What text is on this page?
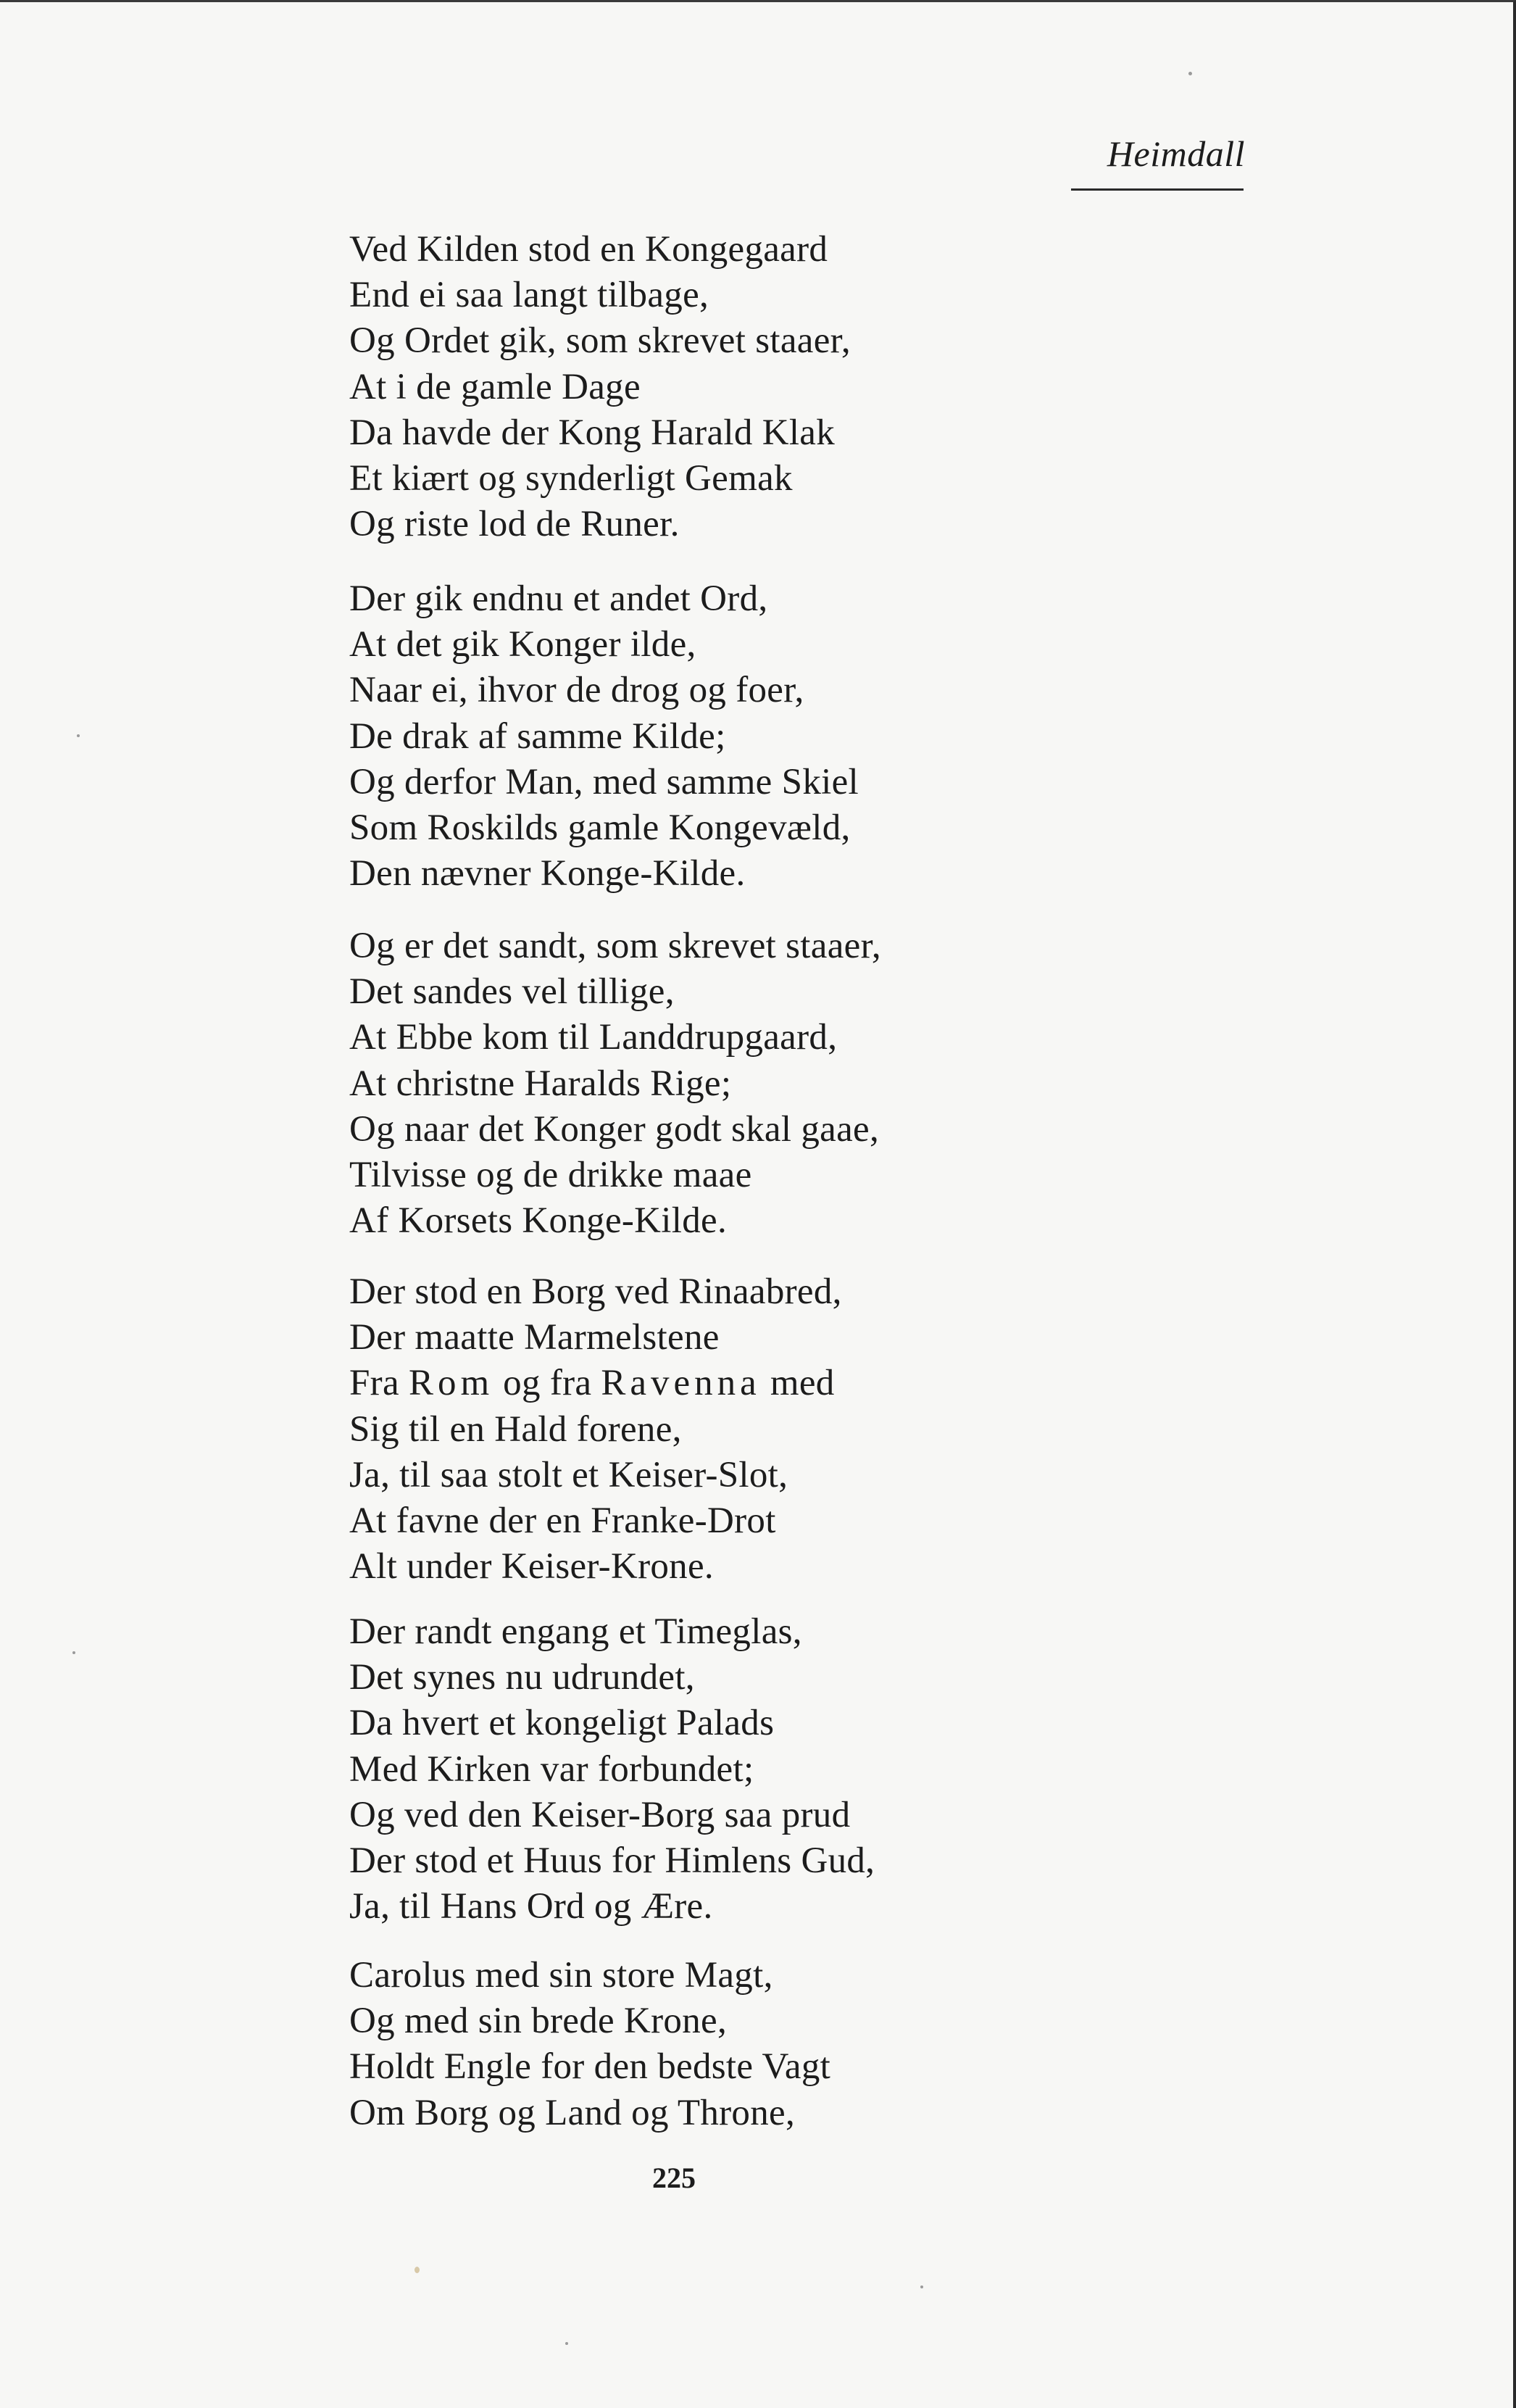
Heimdall
Ved Kilden stod en Kongegaard
End ei saa langt tilbage,
Og Ordet gik, som skrevet staaer,
At i de gamle Dage
Da havde der Kong Harald Klak
Et kiært og synderligt Gemak
Og riste lod de Runer.
Der gik endnu et andet Ord,
At det gik Konger ilde,
Naar ei, ihvor de drog og foer,
De drak af samme Kilde;
Og derfor Man, med samme Skiel
Som Roskilds gamle Kongevæld,
Den nævner Konge-Kilde.
Og er det sandt, som skrevet staaer,
Det sandes vel tillige,
At Ebbe kom til Landdrupgaard,
At christne Haralds Rige;
Og naar det Konger godt skal gaae,
Tilvisse og de drikke maae
Af Korsets Konge-Kilde.
Der stod en Borg ved Rinaabred,
Der maatte Marmelstene
Fra Rom og fra Ravenna med
Sig til en Hald forene,
Ja, til saa stolt et Keiser-Slot,
At favne der en Franke-Drot
Alt under Keiser-Krone.
Der randt engang et Timeglas,
Det synes nu udrundet,
Da hvert et kongeligt Palads
Med Kirken var forbundet;
Og ved den Keiser-Borg saa prud
Der stod et Huus for Himlens Gud,
Ja, til Hans Ord og Ære.
Carolus med sin store Magt,
Og med sin brede Krone,
Holdt Engle for den bedste Vagt
Om Borg og Land og Throne,
225
